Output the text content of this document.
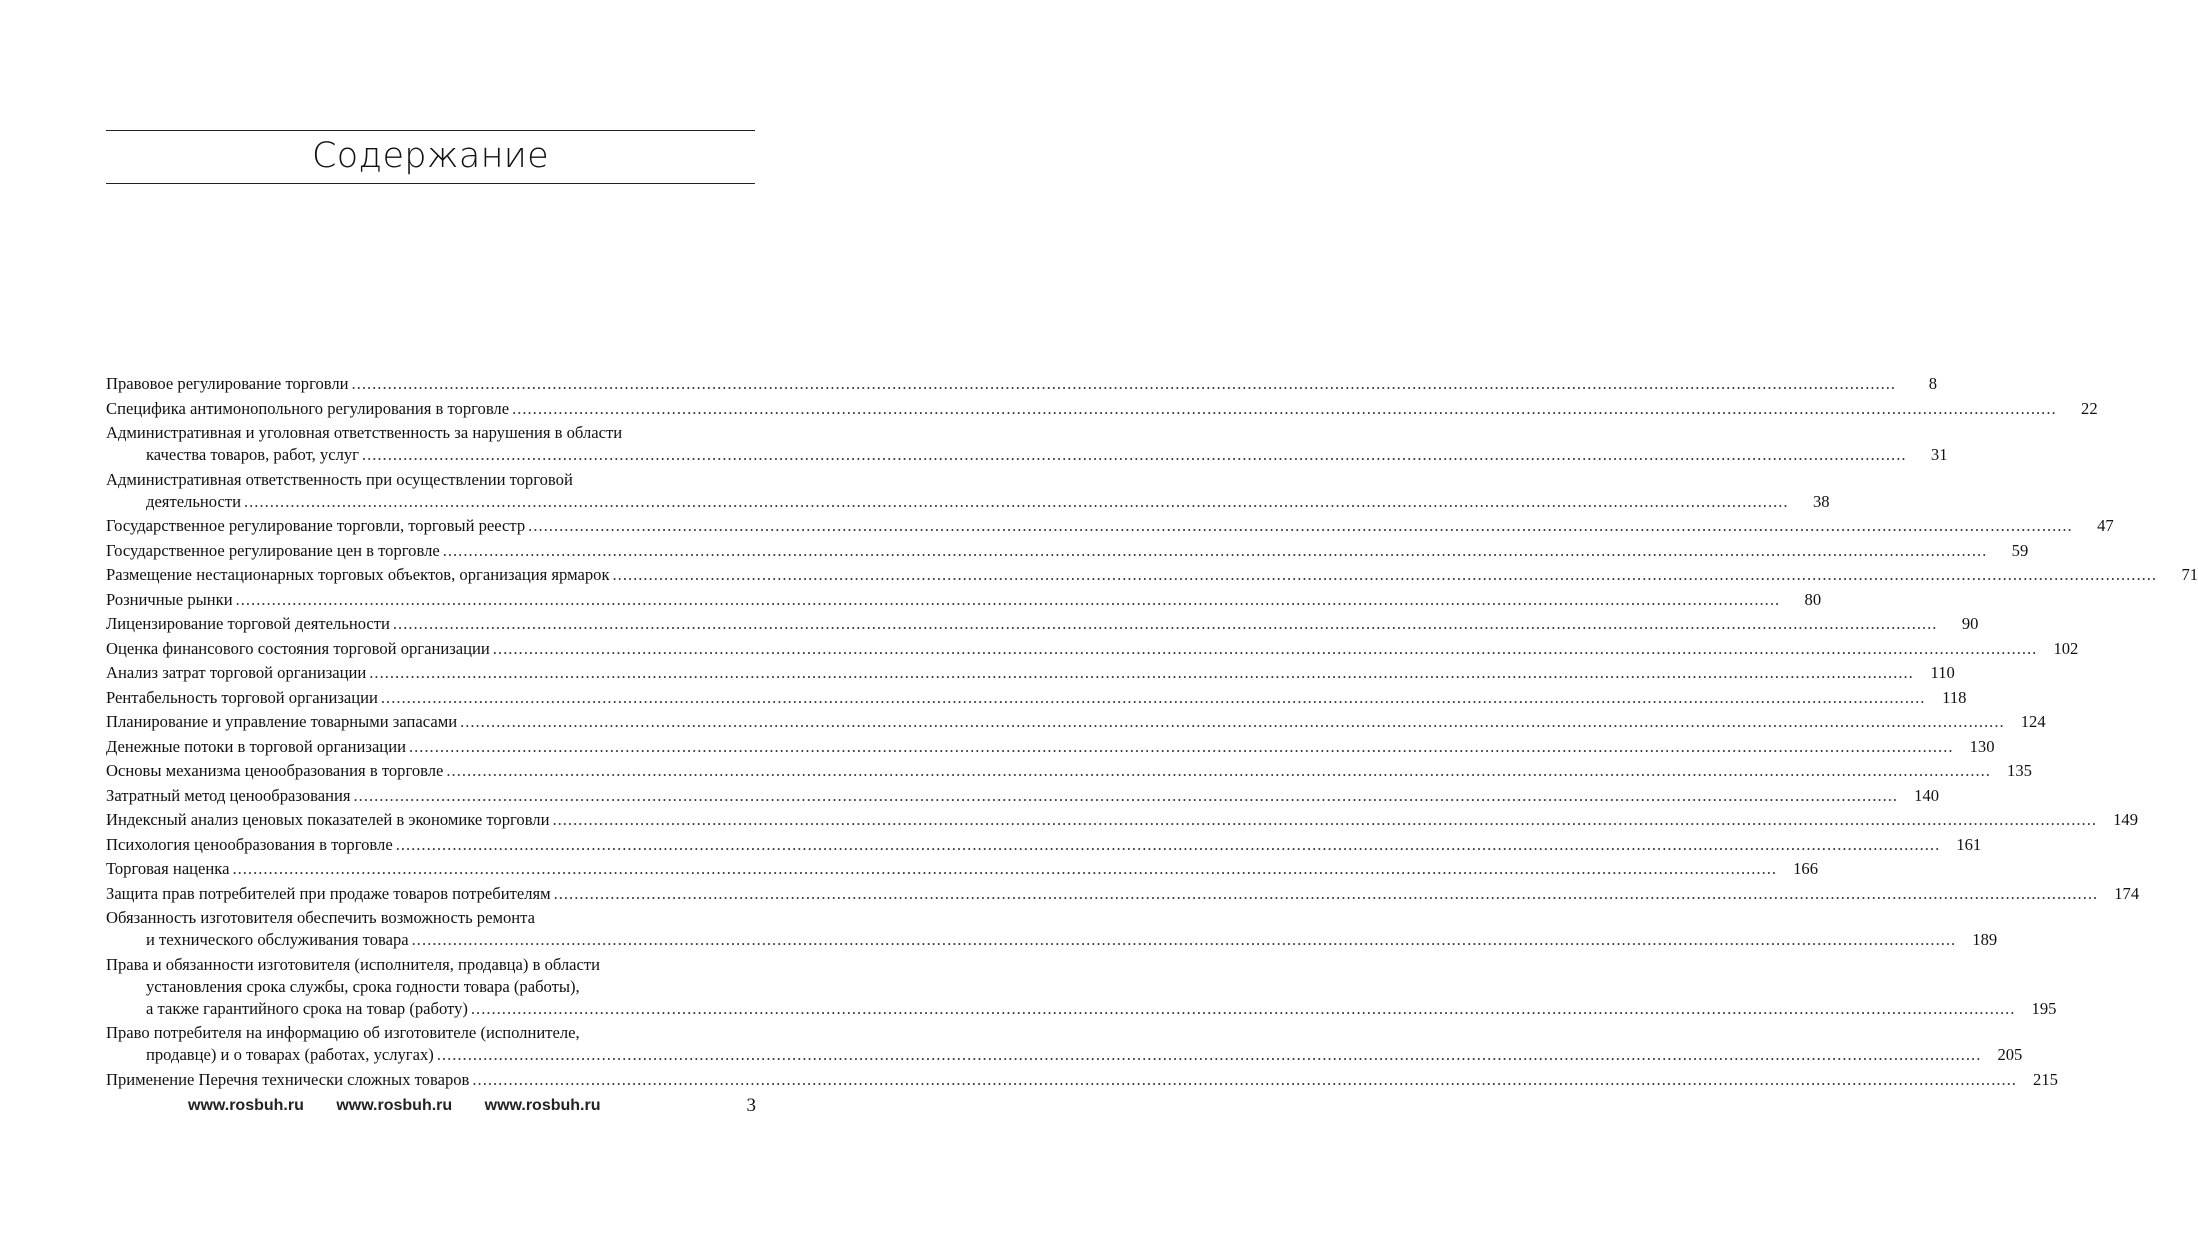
Содержание
Правовое регулирование торговли ............................................................................................................................................................................................................................................................................................................	8
Специфика антимонопольного регулирования в торговле ............................................................................................................................................................................................................................................................................................................	22
Административная и уголовная ответственность за нарушения в области
качества товаров, работ, услуг ............................................................................................................................................................................................................................................................................................................	31
Административная ответственность при осуществлении торговой
деятельности ............................................................................................................................................................................................................................................................................................................	38
Государственное регулирование торговли, торговый реестр ............................................................................................................................................................................................................................................................................................................	47
Государственное регулирование цен в торговле ............................................................................................................................................................................................................................................................................................................	59
Размещение нестационарных торговых объектов, организация ярмарок ............................................................................................................................................................................................................................................................................................................	71
Розничные рынки ............................................................................................................................................................................................................................................................................................................	80
Лицензирование торговой деятельности ............................................................................................................................................................................................................................................................................................................	90
Оценка финансового состояния торговой организации ............................................................................................................................................................................................................................................................................................................ 102
Анализ затрат торговой организации ............................................................................................................................................................................................................................................................................................................	110
Рентабельность торговой организации ............................................................................................................................................................................................................................................................................................................	118
Планирование и управление товарными запасами ............................................................................................................................................................................................................................................................................................................ 124
Денежные потоки в торговой организации ............................................................................................................................................................................................................................................................................................................ 130
Основы механизма ценообразования в торговле ............................................................................................................................................................................................................................................................................................................ 135
Затратный метод ценообразования ............................................................................................................................................................................................................................................................................................................ 140
Индексный анализ ценовых показателей в экономике торговли ............................................................................................................................................................................................................................................................................................................ 149
Психология ценообразования в торговле ............................................................................................................................................................................................................................................................................................................ 161
Торговая наценка ............................................................................................................................................................................................................................................................................................................ 166
Защита прав потребителей при продаже товаров потребителям ............................................................................................................................................................................................................................................................................................................ 174
Обязанность изготовителя обеспечить возможность ремонта
и технического обслуживания товара ............................................................................................................................................................................................................................................................................................................ 189
Права и обязанности изготовителя (исполнителя, продавца) в области
установления срока службы, срока годности товара (работы),
а также гарантийного срока на товар (работу) ............................................................................................................................................................................................................................................................................................................ 195
Право потребителя на информацию об изготовителе (исполнителе,
продавце) и о товарах (работах, услугах) ............................................................................................................................................................................................................................................................................................................ 205
Применение Перечня технически сложных товаров ............................................................................................................................................................................................................................................................................................................ 215
www.rosbuh.ru www.rosbuh.ru www.rosbuh.ru	3
